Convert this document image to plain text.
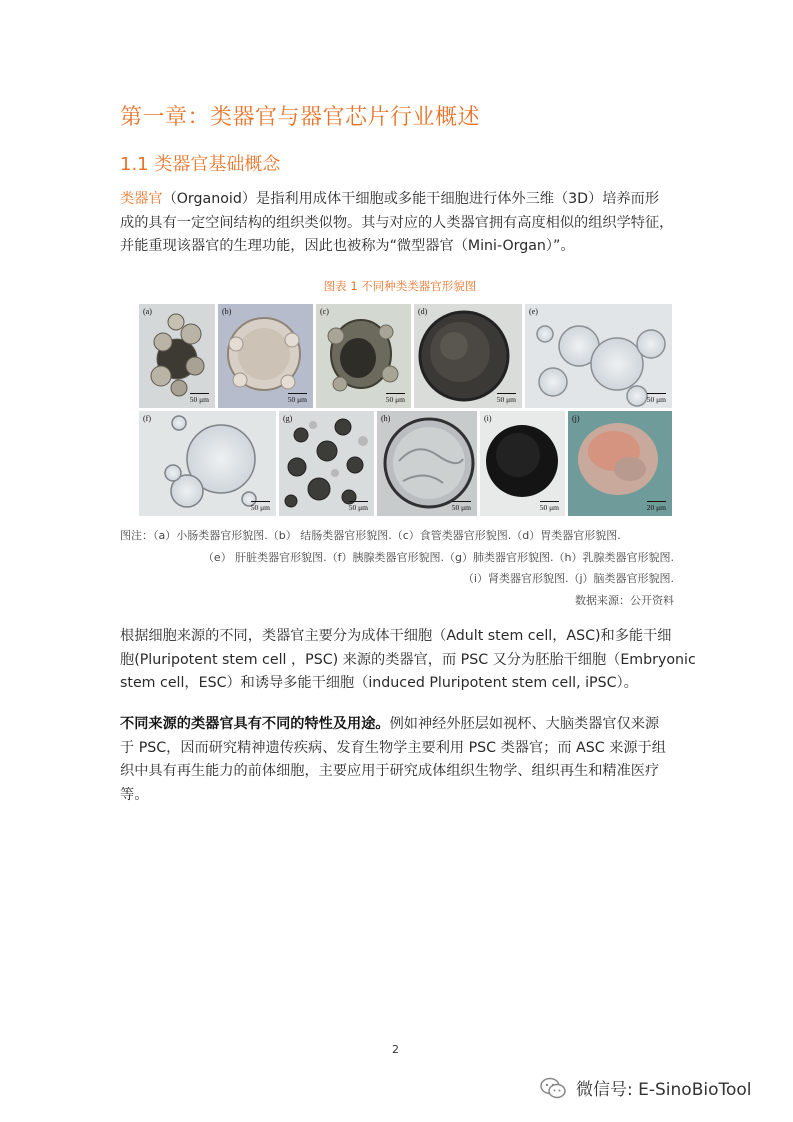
第一章：类器官与器官芯片行业概述
1.1 类器官基础概念
类器官（Organoid）是指利用成体干细胞或多能干细胞进行体外三维（3D）培养而形
成的具有一定空间结构的组织类似物。其与对应的人类器官拥有高度相似的组织学特征，
并能重现该器官的生理功能，因此也被称为“微型器官（Mini-Organ）”。
图表 1 不同种类类器官形貌图
(a)
50 μm
(b)
50 μm
(c)
50 μm
(d)
50 μm
(e)
50 μm
(f)
50 μm
(g)
50 μm
(h)
50 μm
(i)
50 μm
(j)
20 μm
图注：（a）小肠类器官形貌图.（b） 结肠类器官形貌图.（c）食管类器官形貌图.（d）胃类器官形貌图.
（e） 肝脏类器官形貌图.（f）胰腺类器官形貌图.（g）肺类器官形貌图.（h）乳腺类器官形貌图.
（i）肾类器官形貌图.（j）脑类器官形貌图.
数据来源：公开资料
根据细胞来源的不同，类器官主要分为成体干细胞（Adult stem cell，ASC)和多能干细
胞(Pluripotent stem cell ，PSC) 来源的类器官，而 PSC 又分为胚胎干细胞（Embryonic
stem cell，ESC）和诱导多能干细胞（induced Pluripotent stem cell, iPSC）。
不同来源的类器官具有不同的特性及用途。例如神经外胚层如视杯、大脑类器官仅来源
于 PSC，因而研究精神遗传疾病、发育生物学主要利用 PSC 类器官；而 ASC 来源于组
织中具有再生能力的前体细胞，主要应用于研究成体组织生物学、组织再生和精准医疗
等。
2
微信号: E-SinoBioTool
